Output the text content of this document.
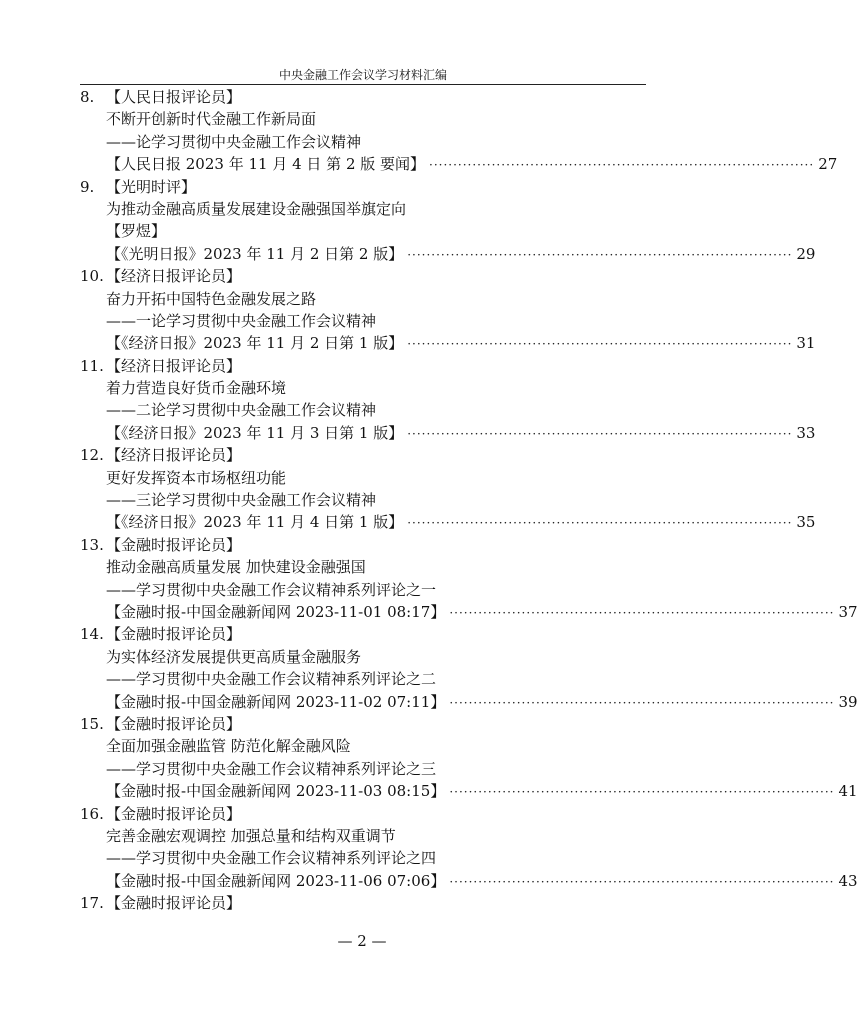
中央金融工作会议学习材料汇编
8. 【人民日报评论员】
不断开创新时代金融工作新局面
——论学习贯彻中央金融工作会议精神
【人民日报 2023 年 11 月 4 日 第 2 版 要闻】 ················································································ 27
9. 【光明时评】
为推动金融高质量发展建设金融强国举旗定向
【罗煜】
【《光明日报》2023 年 11 月 2 日第 2 版】 ················································································ 29
10. 【经济日报评论员】
奋力开拓中国特色金融发展之路
——一论学习贯彻中央金融工作会议精神
【《经济日报》2023 年 11 月 2 日第 1 版】 ················································································ 31
11. 【经济日报评论员】
着力营造良好货币金融环境
——二论学习贯彻中央金融工作会议精神
【《经济日报》2023 年 11 月 3 日第 1 版】 ················································································ 33
12. 【经济日报评论员】
更好发挥资本市场枢纽功能
——三论学习贯彻中央金融工作会议精神
【《经济日报》2023 年 11 月 4 日第 1 版】 ················································································ 35
13. 【金融时报评论员】
推动金融高质量发展 加快建设金融强国
——学习贯彻中央金融工作会议精神系列评论之一
【金融时报-中国金融新闻网 2023-11-01 08:17】 ················································································ 37
14. 【金融时报评论员】
为实体经济发展提供更高质量金融服务
——学习贯彻中央金融工作会议精神系列评论之二
【金融时报-中国金融新闻网 2023-11-02 07:11】 ················································································ 39
15. 【金融时报评论员】
全面加强金融监管 防范化解金融风险
——学习贯彻中央金融工作会议精神系列评论之三
【金融时报-中国金融新闻网 2023-11-03 08:15】 ················································································ 41
16. 【金融时报评论员】
完善金融宏观调控 加强总量和结构双重调节
——学习贯彻中央金融工作会议精神系列评论之四
【金融时报-中国金融新闻网 2023-11-06 07:06】 ················································································ 43
17. 【金融时报评论员】
— 2 —
